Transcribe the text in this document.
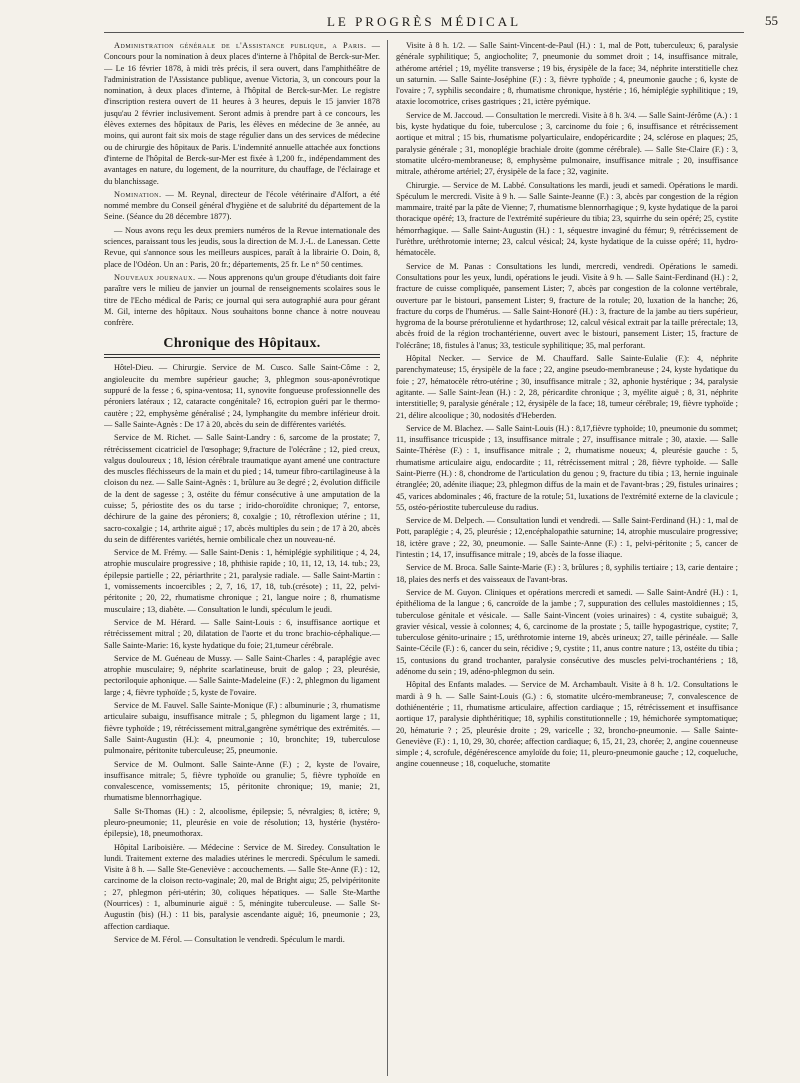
LE PROGRÈS MÉDICAL	55

Administration générale de l'Assistance publique, a Paris. — Concours pour la nomination à deux places d'interne à l'hôpital de Berck-sur-Mer. — Le 16 février 1878, à midi très précis, il sera ouvert, dans l'amphithéâtre de l'administration de l'Assistance publique, avenue Victoria, 3, un concours pour la nomination, à deux places d'interne, à l'hôpital de Berck-sur-Mer. Le registre d'inscription restera ouvert de 11 heures à 3 heures, depuis le 15 janvier 1878 jusqu'au 2 février inclusivement. Seront admis à prendre part à ce concours, les élèves externes des hôpitaux de Paris, les élèves en médecine de 3e année, au moins, qui auront fait six mois de stage régulier dans un des services de médecine ou de chirurgie des hôpitaux de Paris. L'indemnité annuelle attachée aux fonctions d'interne de l'hôpital de Berck-sur-Mer est fixée à 1,200 fr., indépendamment des avantages en nature, du logement, de la nourriture, du chauffage, de l'éclairage et du blanchissage.

Nomination. — M. Reynal, directeur de l'école vétérinaire d'Alfort, a été nommé membre du Conseil général d'hygiène et de salubrité du département de la Seine. (Séance du 28 décembre 1877).

— Nous avons reçu les deux premiers numéros de la Revue internationale des sciences, paraissant tous les jeudis, sous la direction de M. J.-L. de Lanessan. Cette Revue, qui s'annonce sous les meilleurs auspices, paraît à la librairie O. Doin, 8, place de l'Odéon. Un an : Paris, 20 fr.; départements, 25 fr. Le n° 50 centimes.

Nouveaux journaux. — Nous apprenons qu'un groupe d'étudiants doit faire paraître vers le milieu de janvier un journal de renseignements scolaires sous le titre de l'Echo médical de Paris; ce journal qui sera autographié aura pour gérant M. Gil, interne des hôpitaux. Nous souhaitons bonne chance à notre nouveau confrère.

Chronique des Hôpitaux.

Hôtel-Dieu. — Chirurgie. Service de M. Cusco. Salle Saint-Côme : 2, angioleucite du membre supérieur gauche; 3, phlegmon sous-aponévrotique suppuré de la fesse ; 6, spina-ventosa; 11, synovite fongueuse professionnelle des péroniers latéraux ; 12, cataracte congénitale? 16, ectropion guéri par le thermo-cautère ; 22, emphysème généralisé ; 24, lymphangite du membre inférieur droit. — Salle Sainte-Agnès : De 17 à 20, abcès du sein de différentes variétés.

Service de M. Richet. — Salle Saint-Landry : 6, sarcome de la prostate; 7, rétrécissement cicatriciel de l'œsophage; 9,fracture de l'olécrâne ; 12, pied creux, valgus douloureux ; 18, lésion cérébrale traumatique ayant amené une contracture des muscles fléchisseurs de la main et du pied ; 14, tumeur fibro-cartilagineuse à la cloison du nez. — Salle Saint-Agnès : 1, brûlure au 3e degré ; 2, évolution difficile de la dent de sagesse ; 3, ostéite du fémur consécutive à une amputation de la cuisse; 5, périostite des os du tarse ; irido-choroïdite chronique; 7, entorse, déchirure de la gaine des péroniers; 8, coxalgie ; 10, rétroflexion utérine ; 11, sacro-coxalgie ; 14, arthrite aiguë ; 17, abcès multiples du sein ; de 17 à 20, abcès du sein de différentes variétés, hernie ombilicale chez un nouveau-né.

Service de M. Frémy. — Salle Saint-Denis : 1, hémiplégie syphilitique ; 4, 24, atrophie musculaire progressive ; 18, phthisie rapide ; 10, 11, 12, 13, 14. tub.; 23, épilepsie partielle ; 22, périarthrite ; 21, paralysie radiale. — Salle Saint-Martin : 1, vomissements incoercibles ; 2, 7, 16, 17, 18, tub.(crésote) ; 11, 22, pelvi-péritonite ; 20, 22, rhumatisme chronique ; 21, langue noire ; 8, rhumatisme musculaire ; 13, diabète. — Consultation le lundi, spéculum le jeudi.

Service de M. Hérard. — Salle Saint-Louis : 6, insuffisance aortique et rétrécissement mitral ; 20, dilatation de l'aorte et du tronc brachio-céphalique.—Salle Sainte-Marie: 16, kyste hydatique du foie; 21,tumeur cérébrale.

Service de M. Guéneau de Mussy. — Salle Saint-Charles : 4, paraplégie avec atrophie musculaire; 9, néphrite scarlatineuse, bruit de galop ; 23, pleurésie, pectoriloquie aphonique. — Salle Sainte-Madeleine (F.) : 2, phlegmon du ligament large ; 4, fièvre typhoïde ; 5, kyste de l'ovaire.

Service de M. Fauvel. Salle Sainte-Monique (F.) : albuminurie ; 3, rhumatisme articulaire subaigu, insuffisance mitrale ; 5, phlegmon du ligament large ; 11, fièvre typhoïde ; 19, rétrécissement mitral,gangrène symétrique des extrémités. — Salle Saint-Augustin (H.): 4, pneumonie ; 10, bronchite; 19, tuberculose pulmonaire, péritonite tuberculeuse; 25, pneumonie.

Service de M. Oulmont. Salle Sainte-Anne (F.) ; 2, kyste de l'ovaire, insuffisance mitrale; 5, fièvre typhoïde ou granulie; 5, fièvre typhoïde en convalescence, vomissements; 15, péritonite chronique; 19, manie; 21, rhumatisme blennorrhagique.

Salle St-Thomas (H.) : 2, alcoolisme, épilepsie; 5, névralgies; 8, ictère; 9, pleuro-pneumonie; 11, pleurésie en voie de résolution; 13, hystérie (hystéro-épilepsie), 18, pneumothorax.

Hôpital Lariboisière. — Médecine : Service de M. Siredey. Consultation le lundi. Traitement externe des maladies utérines le mercredi. Spéculum le samedi. Visite à 8 h. — Salle Ste-Geneviève : accouchements. — Salle Ste-Anne (F.) : 12, carcinome de la cloison recto-vaginale; 20, mal de Bright aigu; 25, pelvipéritonite ; 27, phlegmon péri-utérin; 30, coliques hépatiques. — Salle Ste-Marthe (Nourrices) : 1, albuminurie aiguë : 5, méningite tuberculeuse. — Salle St-Augustin (bis) (H.) : 11 bis, paralysie ascendante aiguë; 16, pneumonie ; 23, affection cardiaque.

Service de M. Férol. — Consultation le vendredi. Spéculum le mardi.

Visite à 8 h. 1/2. — Salle Saint-Vincent-de-Paul (H.) : 1, mal de Pott, tuberculeux; 6, paralysie générale syphilitique; 5, angiocholite; 7, pneumonie du sommet droit ; 14, insuffisance mitrale, athérome artériel ; 19, myélite transverse ; 19 bis, érysipèle de la face; 34, néphrite interstitielle chez un saturnin. — Salle Sainte-Joséphine (F.) : 3, fièvre typhoïde ; 4, pneumonie gauche ; 6, kyste de l'ovaire ; 7, syphilis secondaire ; 8, rhumatisme chronique, hystérie ; 16, hémiplégie syphilitique ; 19, ataxie locomotrice, crises gastriques ; 21, ictère pyémique.

Service de M. Jaccoud. — Consultation le mercredi. Visite à 8 h. 3/4. — Salle Saint-Jérôme (A.) : 1 bis, kyste hydatique du foie, tuberculose ; 3, carcinome du foie ; 6, insuffisance et rétrécissement aortique et mitral ; 15 bis, rhumatisme polyarticulaire, endopéricardite ; 24, sclérose en plaques; 25, paralysie générale ; 31, monoplégie brachiale droite (gomme cérébrale). — Salle Ste-Claire (F.) : 3, stomatite ulcéro-membraneuse; 8, emphysème pulmonaire, insuffisance mitrale ; 20, insuffisance mitrale, athérome artériel; 27, érysipèle de la face ; 32, vaginite.

Chirurgie. — Service de M. Labbé. Consultations les mardi, jeudi et samedi. Opérations le mardi. Spéculum le mercredi. Visite à 9 h. — Salle Sainte-Jeanne (F.) : 3, abcès par congestion de la région mammaire, traité par la pâte de Vienne; 7, rhumatisme blennorrhagique ; 9, kyste hydatique de la paroi thoracique opéré; 13, fracture de l'extrémité supérieure du tibia; 23, squirrhe du sein opéré; 25, cystite hémorrhagique. — Salle Saint-Augustin (H.) : 1, séquestre invaginé du fémur; 9, rétrécissement de l'urèthre, uréthrotomie interne; 23, calcul vésical; 24, kyste hydatique de la cuisse opéré; 11, hydro-hématocèle.

Service de M. Panas : Consultations les lundi, mercredi, vendredi. Opérations le samedi. Consultations pour les yeux, lundi, opérations le jeudi. Visite à 9 h. — Salle Saint-Ferdinand (H.) : 2, fracture de cuisse compliquée, pansement Lister; 7, abcès par congestion de la colonne vertébrale, ouverture par le bistouri, pansement Lister; 9, fracture de la rotule; 20, luxation de la hanche; 26, fracture du corps de l'humérus. — Salle Saint-Honoré (H.) : 3, fracture de la jambe au tiers supérieur, hygroma de la bourse prérotulienne et hydarthrose; 12, calcul vésical extrait par la taille prérectale; 13, abcès froid de la région trochantérienne, ouvert avec le bistouri, pansement Lister; 15, fracture de l'olécrâne; 18, fistules à l'anus; 33, testicule syphilitique; 35, mal perforant.

Hôpital Necker. — Service de M. Chauffard. Salle Sainte-Eulalie (F.): 4, néphrite parenchymateuse; 15, érysipèle de la face ; 22, angine pseudo-membraneuse ; 24, kyste hydatique du foie ; 27, hématocèle rétro-utérine ; 30, insuffisance mitrale ; 32, aphonie hystérique ; 34, paralysie agitante. — Salle Saint-Jean (H.) : 2, 28, péricardite chronique ; 3, myélite aiguë ; 8, 31, néphrite interstitielle; 9, paralysie générale ; 12, érysipèle de la face; 18, tumeur cérébrale; 19, fièvre typhoïde ; 21, délire alcoolique ; 30, nodosités d'Heberden.

Service de M. Blachez. — Salle Saint-Louis (H.) : 8,17,fièvre typhoïde; 10, pneumonie du sommet; 11, insuffisance tricuspide ; 13, insuffisance mitrale ; 27, insuffisance mitrale ; 30, ataxie. — Salle Sainte-Thérèse (F.) : 1, insuffisance mitrale ; 2, rhumatisme noueux; 4, pleurésie gauche : 5, rhumatisme articulaire aigu, endocardite ; 11, rétrécissement mitral ; 28, fièvre typhoïde. — Salle Saint-Pierre (H.) : 8, chondrome de l'articulation du genou ; 9, fracture du tibia ; 13, hernie inguinale étranglée; 20, adénite iliaque; 23, phlegmon diffus de la main et de l'avant-bras ; 29, fistules urinaires ; 45, varices abdominales ; 46, fracture de la rotule; 51, luxations de l'extrémité externe de la clavicule ; 55, ostéo-périostite tuberculeuse du radius.

Service de M. Delpech. — Consultation lundi et vendredi. — Salle Saint-Ferdinand (H.) : 1, mal de Pott, paraplégie ; 4, 25, pleurésie ; 12,encéphalopathie saturnine; 14, atrophie musculaire progressive; 18, ictère grave ; 22, 30, pneumonie. — Salle Sainte-Anne (F.) : 1, pelvi-péritonite ; 5, cancer de l'intestin ; 14, 17, insuffisance mitrale ; 19, abcès de la fosse iliaque.

Service de M. Broca. Salle Sainte-Marie (F.) : 3, brûlures ; 8, syphilis tertiaire ; 13, carie dentaire ; 18, plaies des nerfs et des vaisseaux de l'avant-bras.

Service de M. Guyon. Cliniques et opérations mercredi et samedi. — Salle Saint-André (H.) : 1, épithélioma de la langue ; 6, cancroïde de la jambe ; 7, suppuration des cellules mastoïdiennes ; 15, tuberculose génitale et vésicale. — Salle Saint-Vincent (voies urinaires) : 4, cystite subaiguë; 3, gravier vésical, vessie à colonnes; 4, 6, carcinome de la prostate ; 5, taille hypogastrique, cystite; 7, tuberculose génito-urinaire ; 15, uréthrotomie interne 19, abcès urineux; 27, taille périnéale. — Salle Sainte-Cécile (F.) : 6, cancer du sein, récidive ; 9, cystite ; 11, anus contre nature ; 13, ostéite du tibia ; 15, contusions du grand trochanter, paralysie consécutive des muscles pelvi-trochantériens ; 18, adénome du sein ; 19, adéno-phlegmon du sein.

Hôpital des Enfants malades. — Service de M. Archambault. Visite à 8 h. 1/2. Consultations le mardi à 9 h. — Salle Saint-Louis (G.) : 6, stomatite ulcéro-membraneuse; 7, convalescence de dothiénentérie ; 11, rhumatisme articulaire, affection cardiaque ; 15, rétrécissement et insuffisance aortique 17, paralysie diphthéritique; 18, syphilis constitutionnelle ; 19, hémichorée symptomatique; 20, hématurie ? ; 25, pleurésie droite ; 29, varicelle ; 32, broncho-pneumonie. — Salle Sainte-Geneviève (F.) : 1, 10, 29, 30, chorée; affection cardiaque; 6, 15, 21, 23, chorée; 2, angine couenneuse simple ; 4, scrofule, dégénérescence amyloïde du foie; 11, pleuro-pneumonie gauche ; 12, coqueluche, angine couenneuse ; 18, coqueluche, stomatite
